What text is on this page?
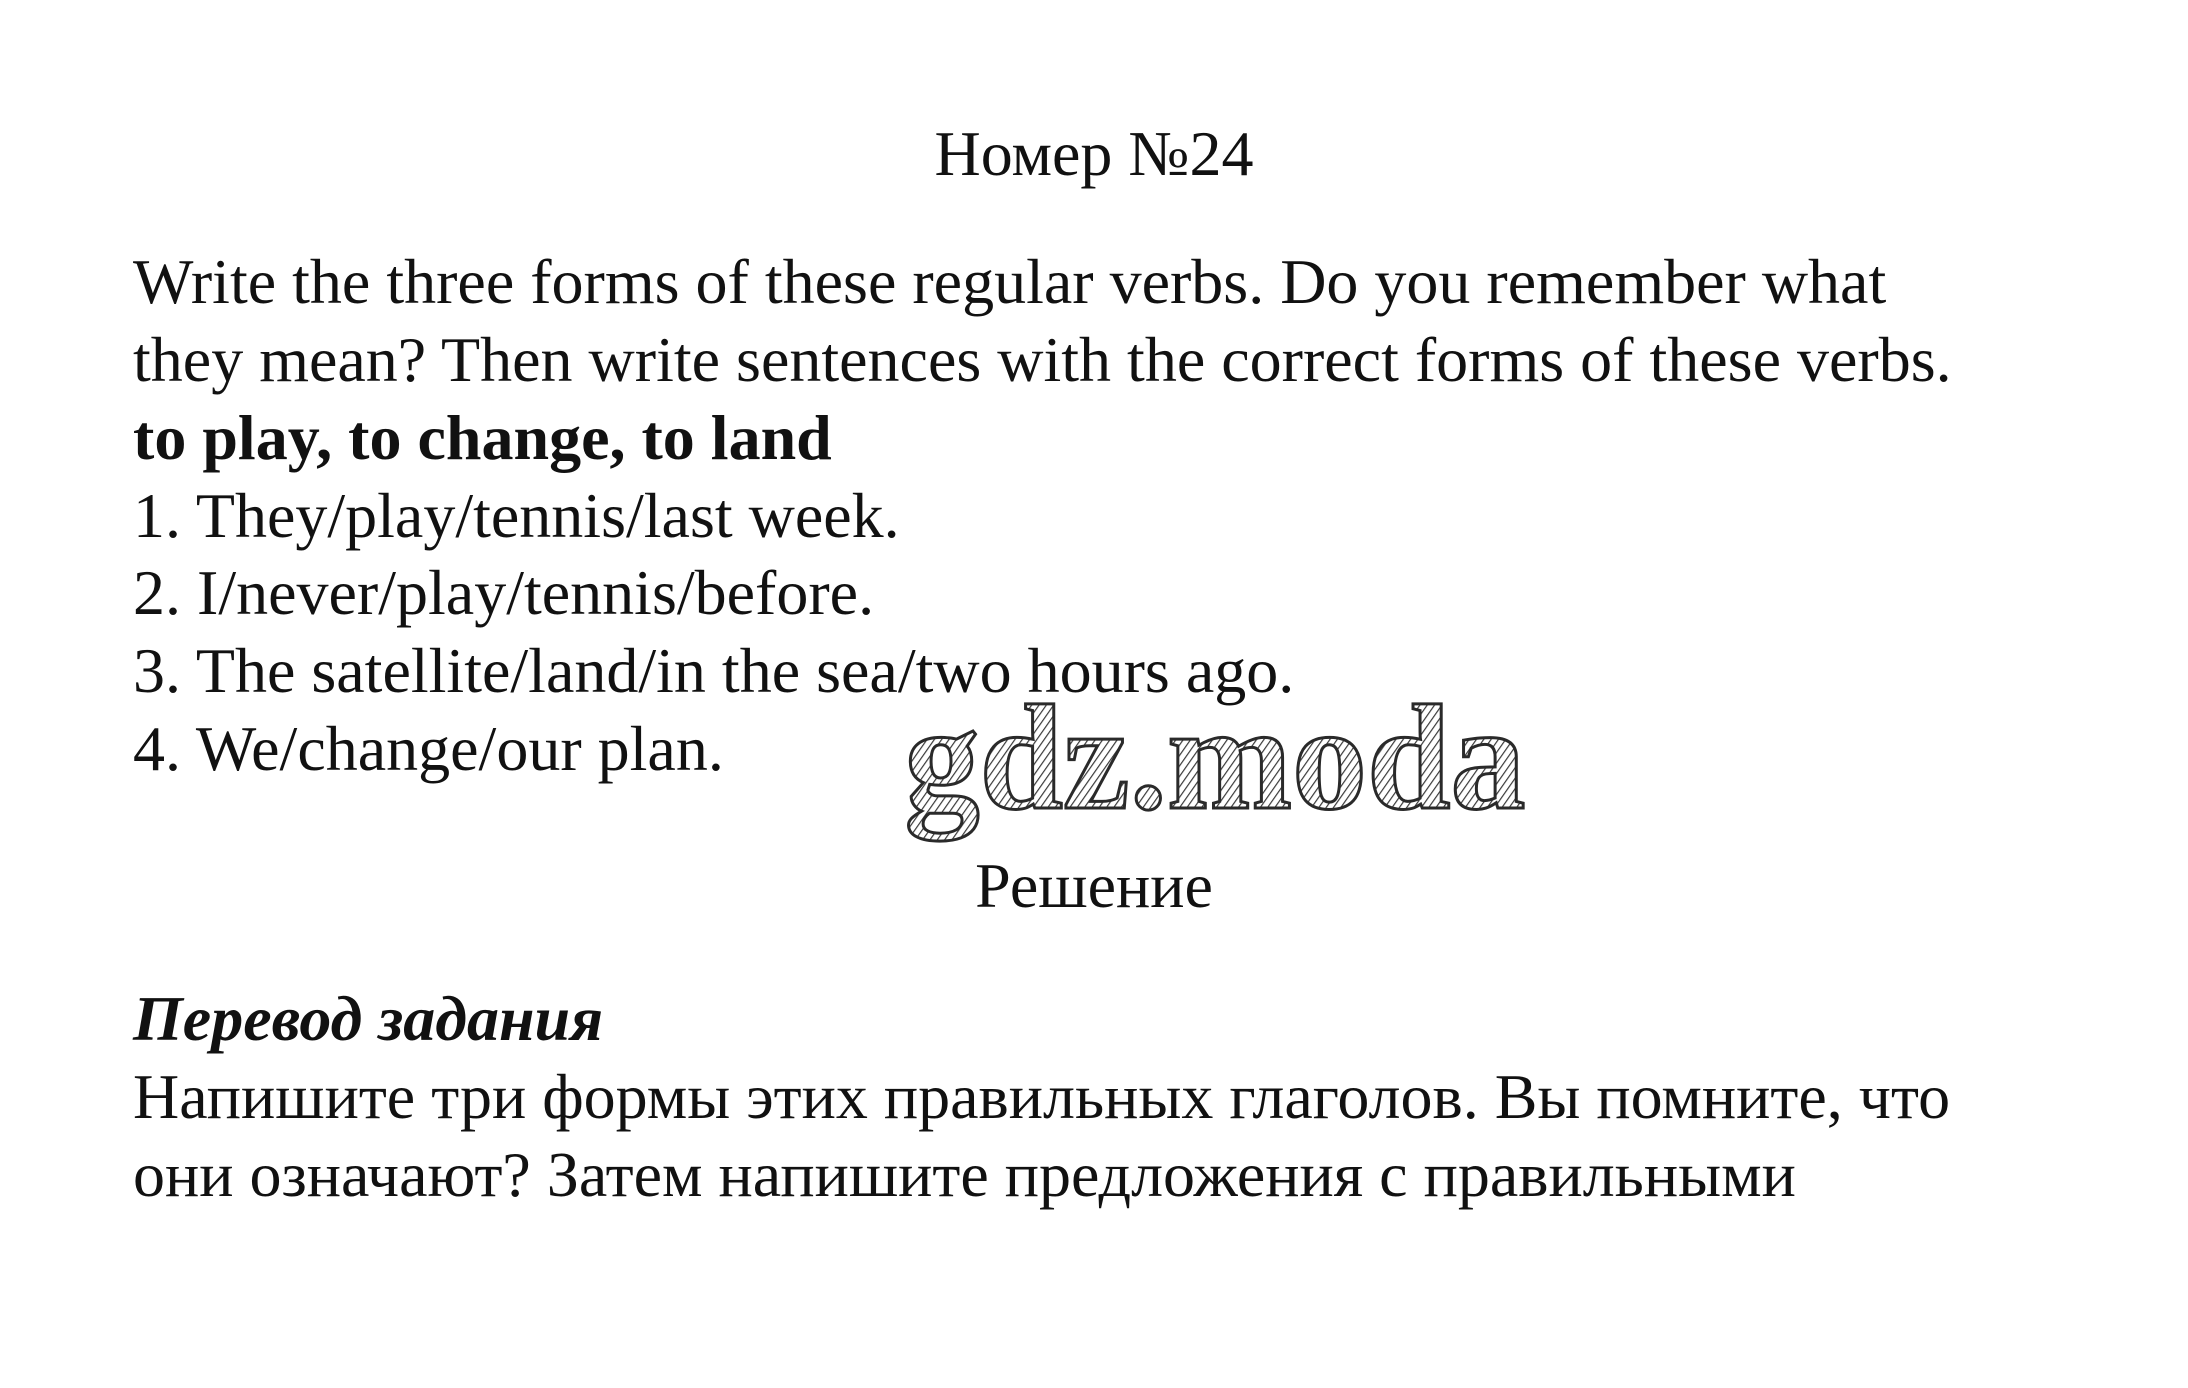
Номер №24
Write the three forms of these regular verbs. Do you remember what
they mean? Then write sentences with the correct forms of these verbs.
to play, to change, to land
1. They/play/tennis/last week.
2. I/never/play/tennis/before.
3. The satellite/land/in the sea/two hours ago.
4. We/change/our plan. gdz.moda
Решение
Перевод задания
Напишите три формы этих правильных глаголов. Вы помните, что
они означают? Затем напишите предложения с правильными
